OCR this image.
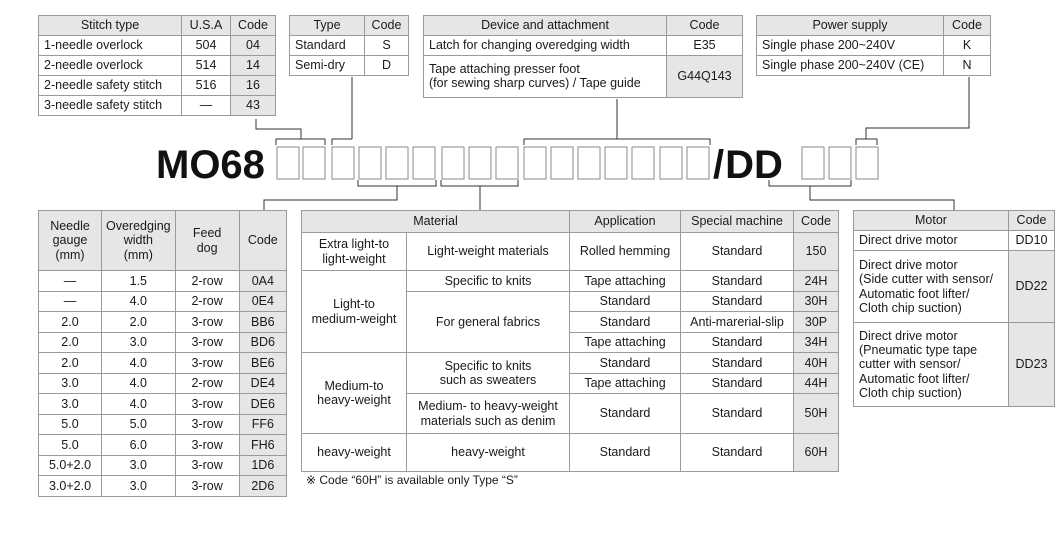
Stitch type	U.S.A	Code
1-needle overlock	504	04
2-needle overlock	514	14
2-needle safety stitch	516	16
3-needle safety stitch	—	43
Type	Code
Standard	S
Semi-dry	D
Device and attachment	Code
Latch for changing overedging width	E35
Tape attaching presser foot
(for sewing sharp curves) / Tape guide	G44Q143
Power supply	Code
Single phase 200~240V	K
Single phase 200~240V (CE)	N
MO68	/ DD
Needle
gauge
(mm)	Overedging
width
(mm)	Feed
dog	Code
—	1.5	2-row	0A4
—	4.0	2-row	0E4
2.0	2.0	3-row	BB6
2.0	3.0	3-row	BD6
2.0	4.0	3-row	BE6
3.0	4.0	2-row	DE4
3.0	4.0	3-row	DE6
5.0	5.0	3-row	FF6
5.0	6.0	3-row	FH6
5.0+2.0	3.0	3-row	1D6
3.0+2.0	3.0	3-row	2D6
Material		Application	Special machine	Code
Extra light-to
light-weight	Light-weight materials	Rolled hemming	Standard	150
Light-to
medium-weight	Specific to knits	Tape attaching	Standard	24H
	For general fabrics	Standard	Standard	30H
		Standard	Anti-marerial-slip	30P
		Tape attaching	Standard	34H
Medium-to
heavy-weight	Specific to knits
such as sweaters	Standard	Standard	40H
		Tape attaching	Standard	44H
	Medium- to heavy-weight
materials such as denim	Standard	Standard	50H
heavy-weight	heavy-weight	Standard	Standard	60H
※ Code “60H” is available only Type “S”
Motor	Code
Direct drive motor	DD10
Direct drive motor
(Side cutter with sensor/
Automatic foot lifter/
Cloth chip suction)	DD22
Direct drive motor
(Pneumatic type tape
cutter with sensor/
Automatic foot lifter/
Cloth chip suction)	DD23
